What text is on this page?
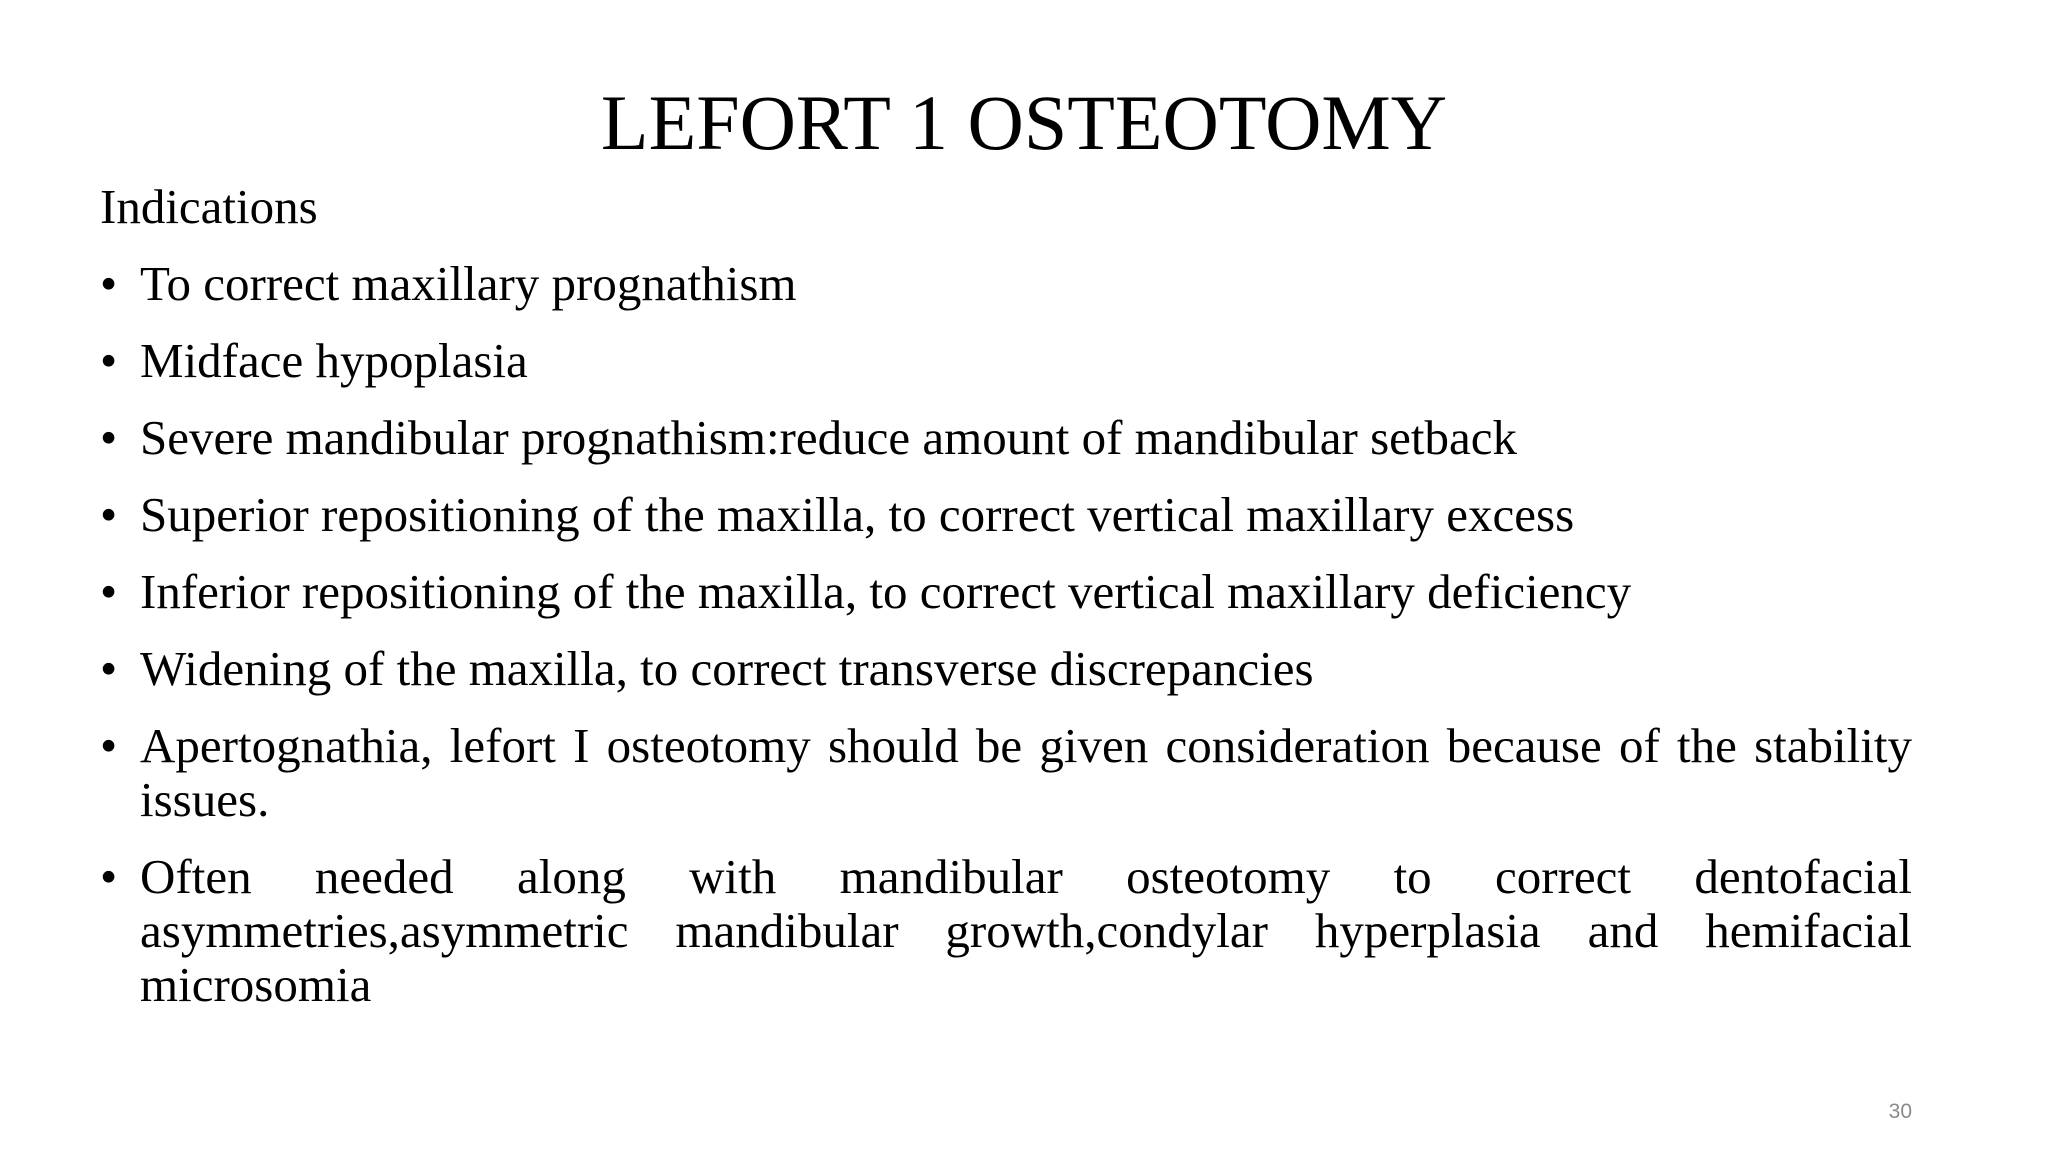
LEFORT 1 OSTEOTOMY
Indications
• To correct maxillary prognathism
• Midface hypoplasia
• Severe mandibular prognathism:reduce amount of mandibular setback
• Superior repositioning of the maxilla, to correct vertical maxillary excess
• Inferior repositioning of the maxilla, to correct vertical maxillary deficiency
• Widening of the maxilla, to correct transverse discrepancies
• Apertognathia, lefort I osteotomy should be given consideration because of the stability issues.
• Often needed along with mandibular osteotomy to correct dentofacial asymmetries,asymmetric mandibular growth,condylar hyperplasia and hemifacial microsomia
30
